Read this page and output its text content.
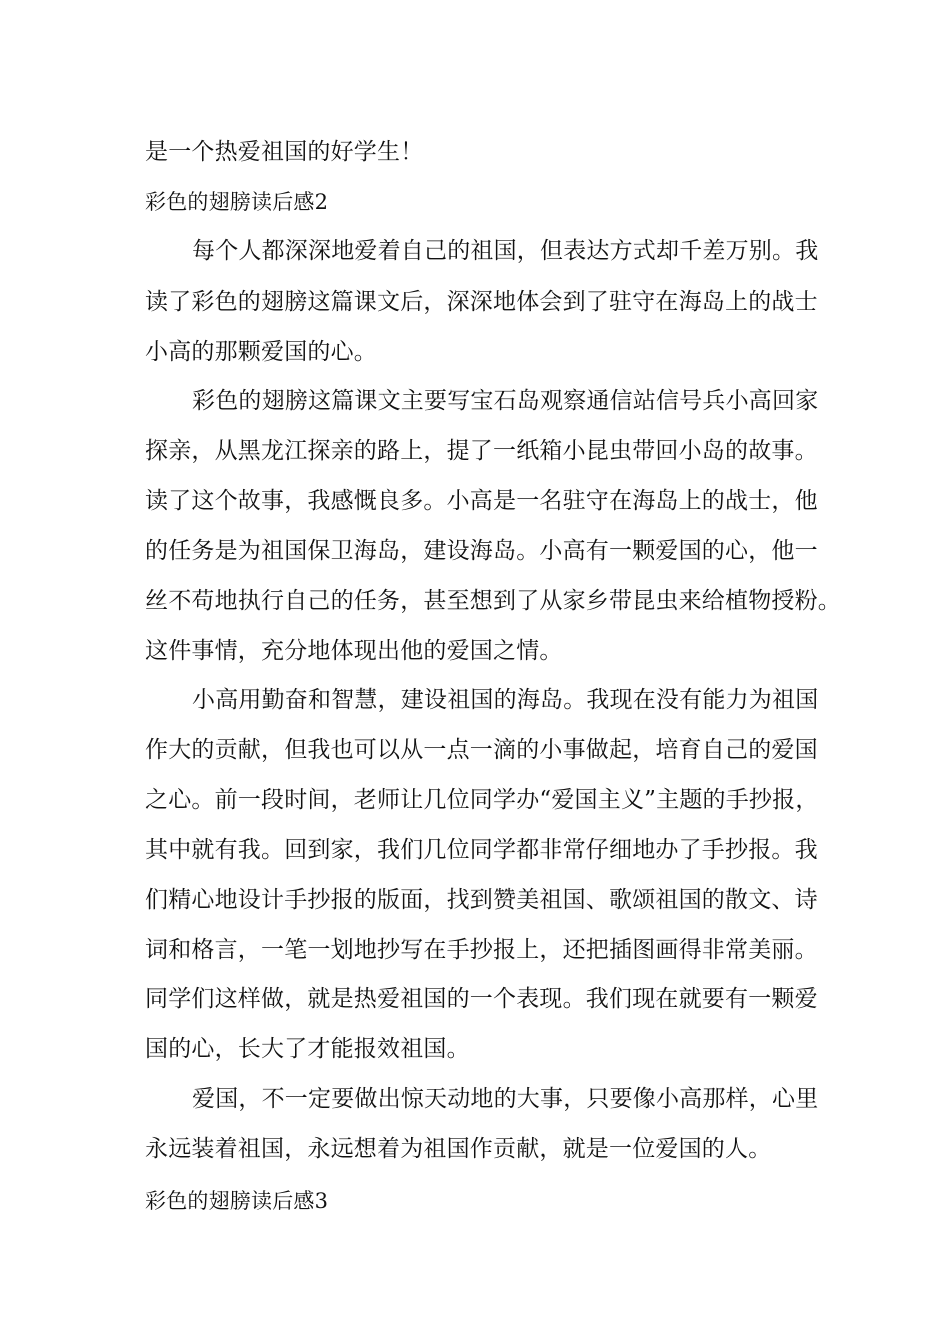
是一个热爱祖国的好学生！
彩色的翅膀读后感2
每个人都深深地爱着自己的祖国，但表达方式却千差万别。我
读了彩色的翅膀这篇课文后，深深地体会到了驻守在海岛上的战士
小高的那颗爱国的心。
彩色的翅膀这篇课文主要写宝石岛观察通信站信号兵小高回家
探亲，从黑龙江探亲的路上，提了一纸箱小昆虫带回小岛的故事。
读了这个故事，我感慨良多。小高是一名驻守在海岛上的战士，他
的任务是为祖国保卫海岛，建设海岛。小高有一颗爱国的心，他一
丝不苟地执行自己的任务，甚至想到了从家乡带昆虫来给植物授粉。
这件事情，充分地体现出他的爱国之情。
小高用勤奋和智慧，建设祖国的海岛。我现在没有能力为祖国
作大的贡献，但我也可以从一点一滴的小事做起，培育自己的爱国
之心。前一段时间，老师让几位同学办“爱国主义”主题的手抄报，
其中就有我。回到家，我们几位同学都非常仔细地办了手抄报。我
们精心地设计手抄报的版面，找到赞美祖国、歌颂祖国的散文、诗
词和格言，一笔一划地抄写在手抄报上，还把插图画得非常美丽。
同学们这样做，就是热爱祖国的一个表现。我们现在就要有一颗爱
国的心，长大了才能报效祖国。
爱国，不一定要做出惊天动地的大事，只要像小高那样，心里
永远装着祖国，永远想着为祖国作贡献，就是一位爱国的人。
彩色的翅膀读后感3
